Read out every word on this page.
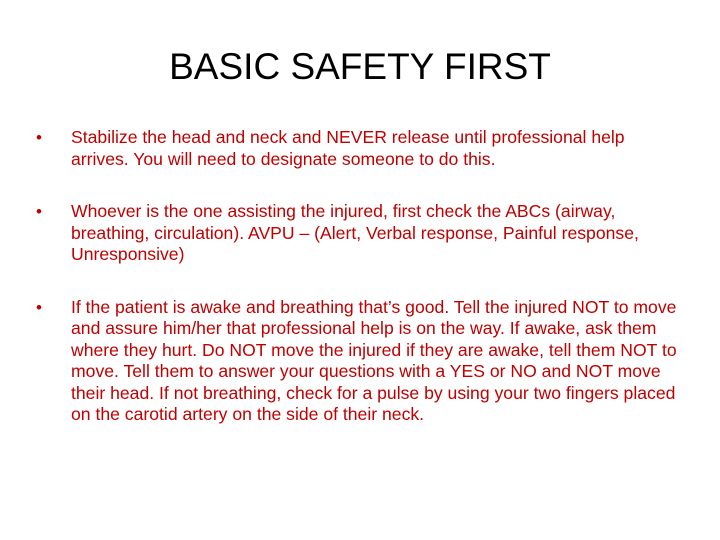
BASIC SAFETY FIRST
•	Stabilize the head and neck and NEVER release until professional help arrives. You will need to designate someone to do this.
•	Whoever is the one assisting the injured, first check the ABCs (airway, breathing, circulation). AVPU – (Alert, Verbal response, Painful response, Unresponsive)
•	If the patient is awake and breathing that’s good. Tell the injured NOT to move and assure him/her that professional help is on the way. If awake, ask them where they hurt. Do NOT move the injured if they are awake, tell them NOT to move. Tell them to answer your questions with a YES or NO and NOT move their head. If not breathing, check for a pulse by using your two fingers placed on the carotid artery on the side of their neck.
